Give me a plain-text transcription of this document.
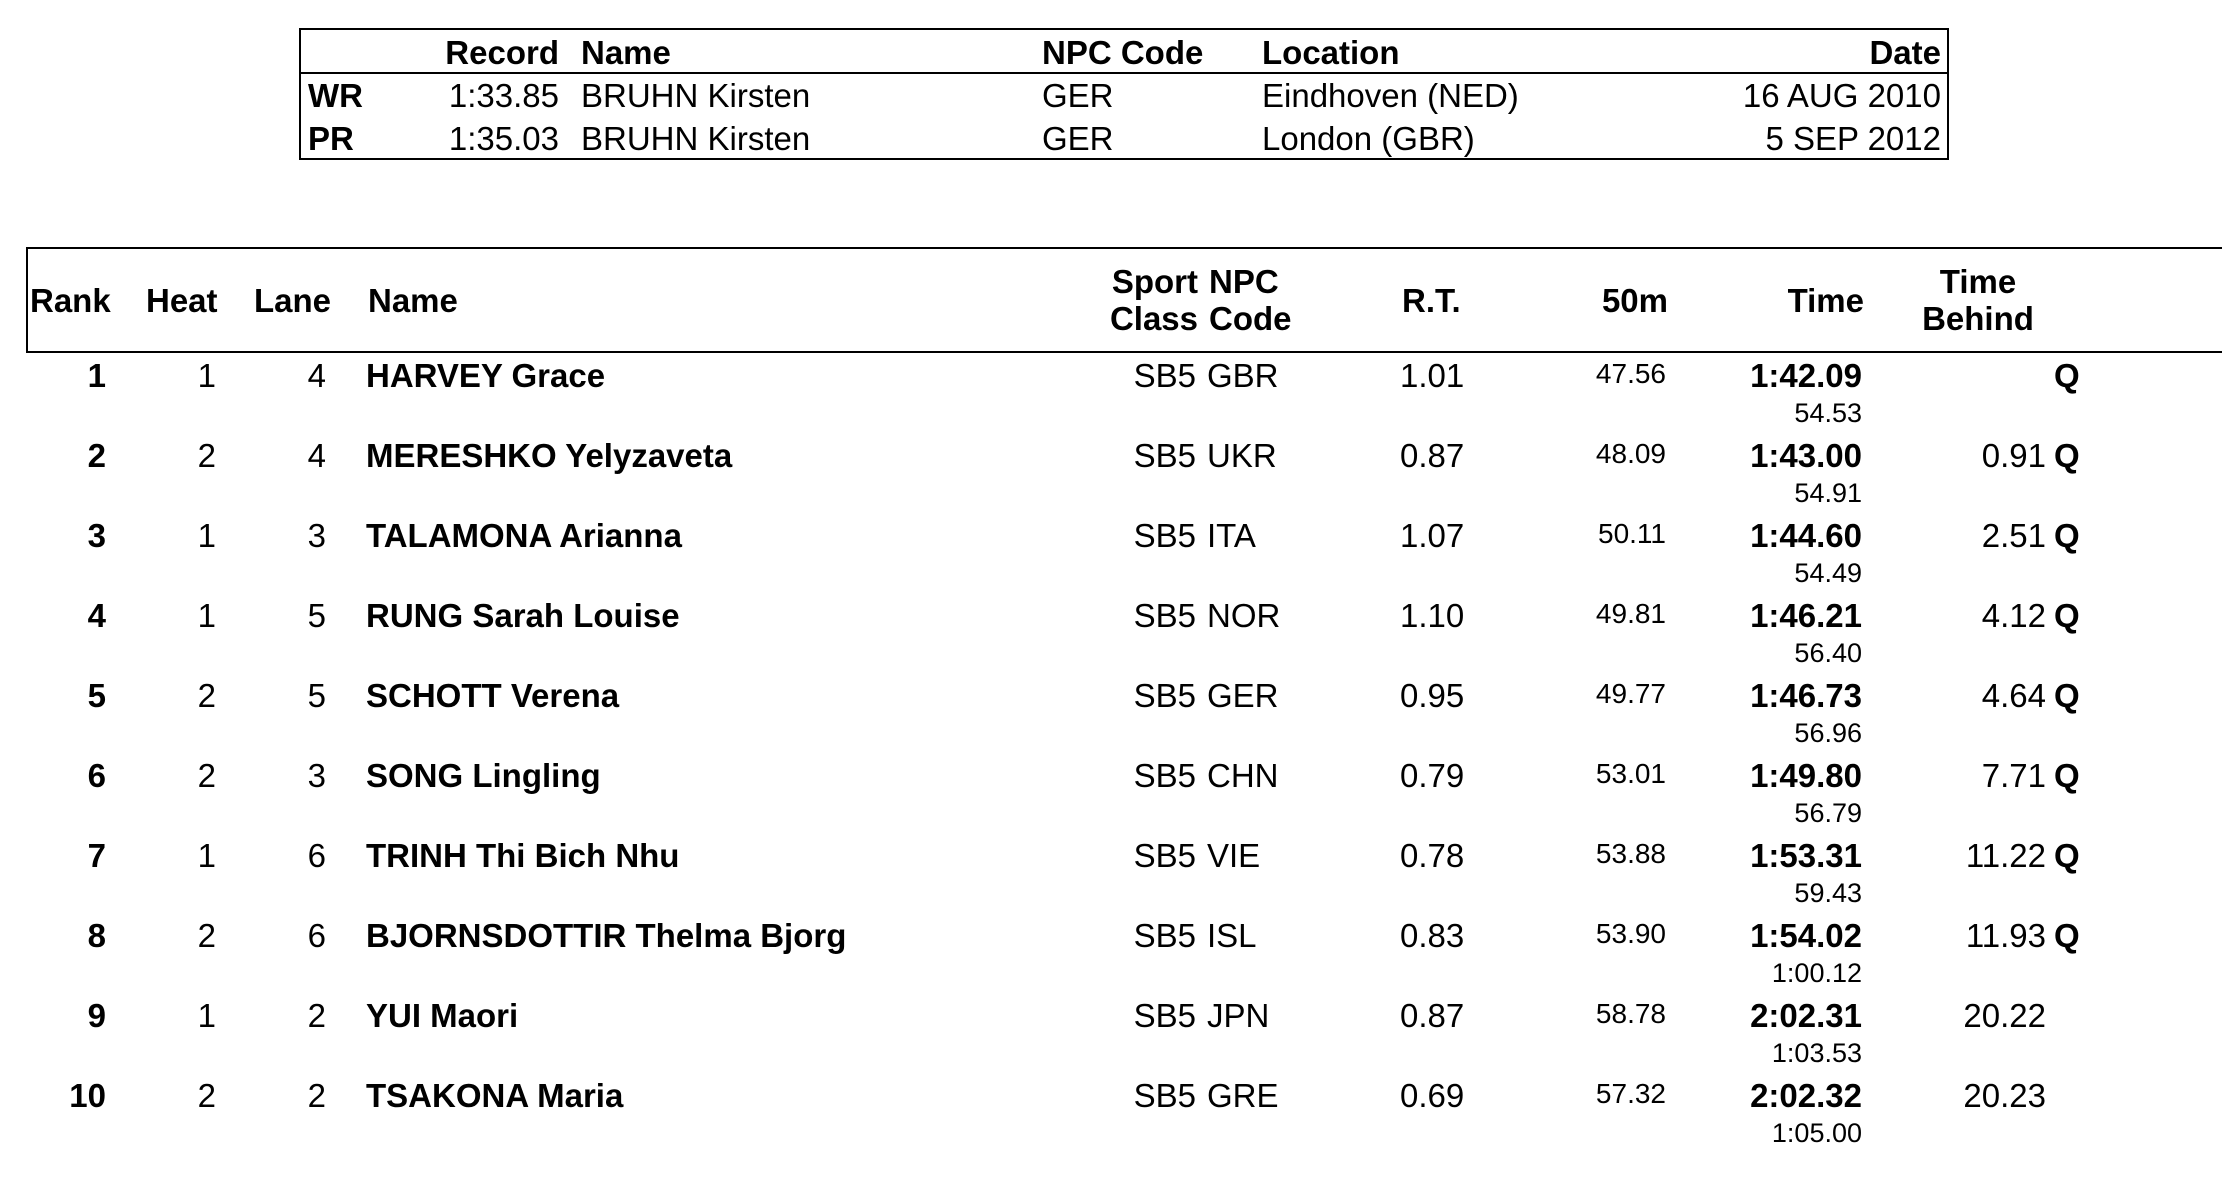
Record Name	NPC Code Location	Date
WR	1:33.85 BRUHN Kirsten	GER	Eindhoven (NED)	16 AUG 2010
PR	1:35.03 BRUHN Kirsten	GER	London (GBR)	5 SEP 2012
Rank Heat	Lane	Name	Sport
Class
NPC
Code	R.T.	50m	Time	Time
Behind
1	1	4 HARVEY Grace	SB5 GBR	1.01	47.56	1:42.09	Q
54.53
2	2	4 MERESHKO Yelyzaveta	SB5 UKR	0.87	48.09	1:43.00	0.91 Q
54.91
3	1	3 TALAMONA Arianna	SB5 ITA	1.07	50.11	1:44.60	2.51 Q
54.49
4	1	5 RUNG Sarah Louise	SB5 NOR	1.10	49.81	1:46.21	4.12 Q
56.40
5	2	5 SCHOTT Verena	SB5 GER	0.95	49.77	1:46.73	4.64 Q
56.96
6	2	3 SONG Lingling	SB5 CHN	0.79	53.01	1:49.80	7.71 Q
56.79
7	1	6 TRINH Thi Bich Nhu	SB5 VIE	0.78	53.88	1:53.31	11.22 Q
59.43
8	2	6 BJORNSDOTTIR Thelma Bjorg	SB5 ISL	0.83	53.90	1:54.02	11.93 Q
1:00.12
9	1	2 YUI Maori	SB5 JPN	0.87	58.78	2:02.31	20.22
1:03.53
10	2	2 TSAKONA Maria	SB5 GRE	0.69	57.32	2:02.32	20.23
1:05.00
